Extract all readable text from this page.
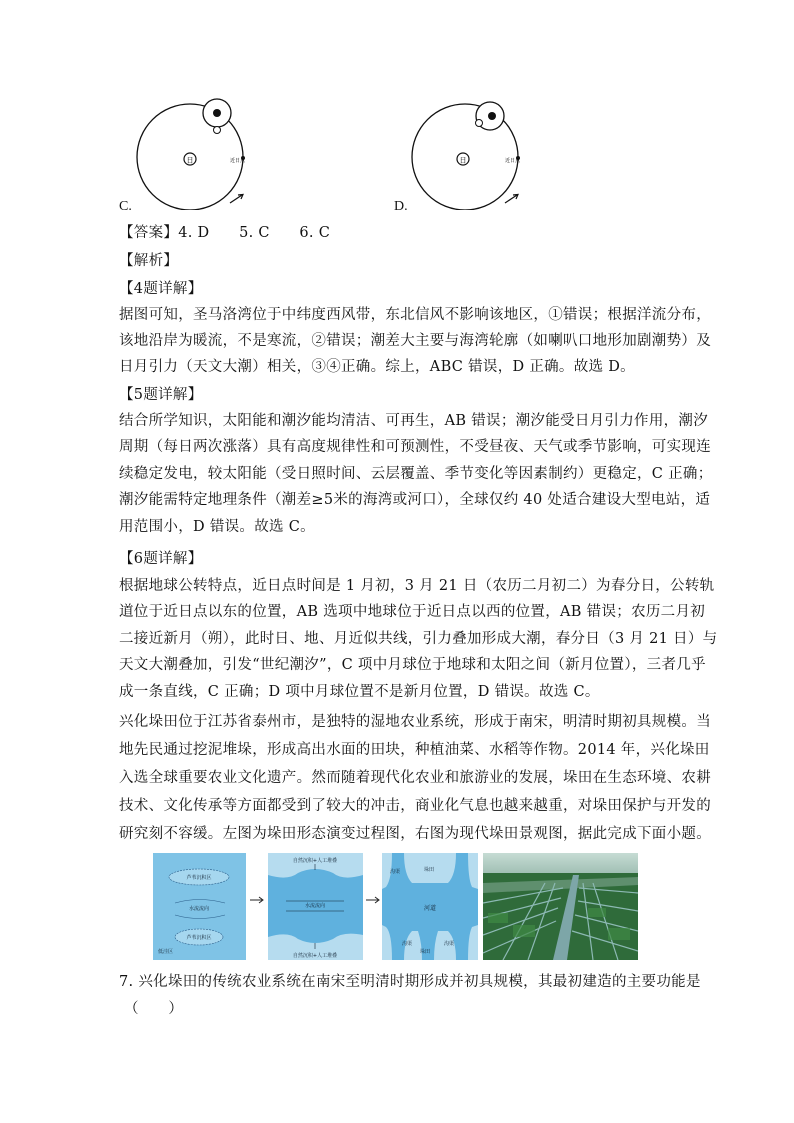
日	近日点
C.
日	近日点
D.
【答案】4. D　　5. C　　6. C
【解析】
【4题详解】
据图可知，圣马洛湾位于中纬度西风带，东北信风不影响该地区，①错误；根据洋流分布，
该地沿岸为暖流，不是寒流，②错误；潮差大主要与海湾轮廓（如喇叭口地形加剧潮势）及
日月引力（天文大潮）相关，③④正确。综上，ABC 错误，D 正确。故选 D。
【5题详解】
结合所学知识，太阳能和潮汐能均清洁、可再生，AB 错误；潮汐能受日月引力作用，潮汐
周期（每日两次涨落）具有高度规律性和可预测性，不受昼夜、天气或季节影响，可实现连
续稳定发电，较太阳能（受日照时间、云层覆盖、季节变化等因素制约）更稳定，C 正确；
潮汐能需特定地理条件（潮差≥5米的海湾或河口），全球仅约 40 处适合建设大型电站，适
用范围小，D 错误。故选 C。
【6题详解】
根据地球公转特点，近日点时间是 1 月初，3 月 21 日（农历二月初二）为春分日，公转轨
道位于近日点以东的位置，AB 选项中地球位于近日点以西的位置，AB 错误；农历二月初
二接近新月（朔），此时日、地、月近似共线，引力叠加形成大潮，春分日（3 月 21 日）与
天文大潮叠加，引发“世纪潮汐”，C 项中月球位于地球和太阳之间（新月位置），三者几乎
成一条直线，C 正确；D 项中月球位置不是新月位置，D 错误。故选 C。
兴化垛田位于江苏省泰州市，是独特的湿地农业系统，形成于南宋，明清时期初具规模。当
地先民通过挖泥堆垛，形成高出水面的田块，种植油菜、水稻等作物。2014 年，兴化垛田
入选全球重要农业文化遗产。然而随着现代化农业和旅游业的发展，垛田在生态环境、农耕
技术、文化传承等方面都受到了较大的冲击，商业化气息也越来越重，对垛田保护与开发的
研究刻不容缓。左图为垛田形态演变过程图，右图为现代垛田景观图，据此完成下面小题。
芦苇沉积区
水流流向
芦苇沉积区
低洼区
自然沉积+人工堆叠
水流流向
自然沉积+人工堆叠
沟渠	垛田
河道
沟渠
垛田
沟渠
7. 兴化垛田的传统农业系统在南宋至明清时期形成并初具规模，其最初建造的主要功能是
（　　）
